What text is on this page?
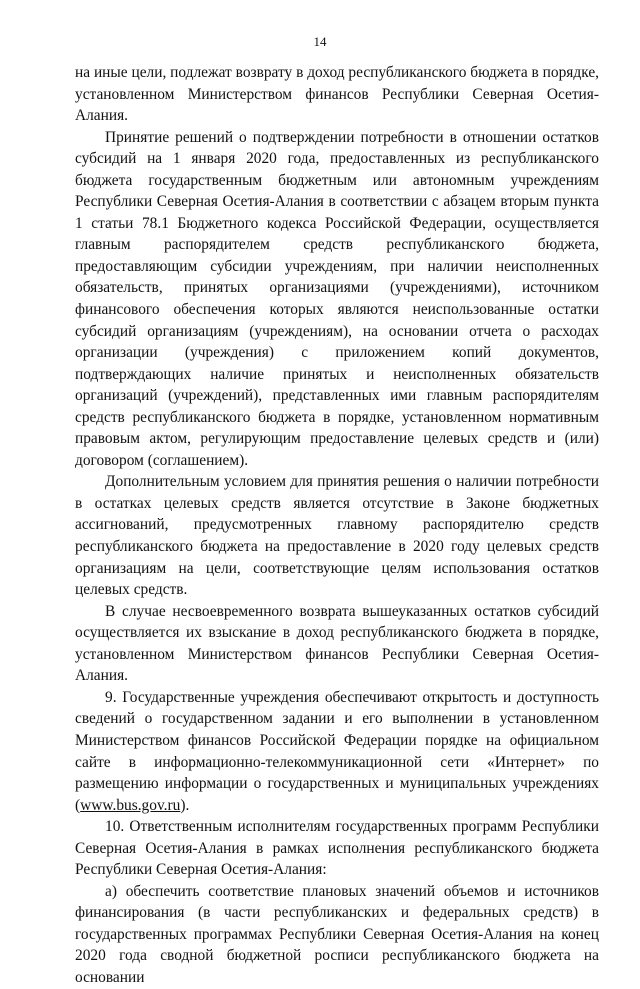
14

на иные цели, подлежат возврату в доход республиканского бюджета в порядке, установленном Министерством финансов Республики Северная Осетия-Алания.

Принятие решений о подтверждении потребности в отношении остатков субсидий на 1 января 2020 года, предоставленных из республиканского бюджета государственным бюджетным или автономным учреждениям Республики Северная Осетия-Алания в соответствии с абзацем вторым пункта 1 статьи 78.1 Бюджетного кодекса Российской Федерации, осуществляется главным распорядителем средств республиканского бюджета, предоставляющим субсидии учреждениям, при наличии неисполненных обязательств, принятых организациями (учреждениями), источником финансового обеспечения которых являются неиспользованные остатки субсидий организациям (учреждениям), на основании отчета о расходах организации (учреждения) с приложением копий документов, подтверждающих наличие принятых и неисполненных обязательств организаций (учреждений), представленных ими главным распорядителям средств республиканского бюджета в порядке, установленном нормативным правовым актом, регулирующим предоставление целевых средств и (или) договором (соглашением).

Дополнительным условием для принятия решения о наличии потребности в остатках целевых средств является отсутствие в Законе бюджетных ассигнований, предусмотренных главному распорядителю средств республиканского бюджета на предоставление в 2020 году целевых средств организациям на цели, соответствующие целям использования остатков целевых средств.

В случае несвоевременного возврата вышеуказанных остатков субсидий осуществляется их взыскание в доход республиканского бюджета в порядке, установленном Министерством финансов Республики Северная Осетия-Алания.

9. Государственные учреждения обеспечивают открытость и доступность сведений о государственном задании и его выполнении в установленном Министерством финансов Российской Федерации порядке на официальном сайте в информационно-телекоммуникационной сети «Интернет» по размещению информации о государственных и муниципальных учреждениях (www.bus.gov.ru).

10. Ответственным исполнителям государственных программ Республики Северная Осетия-Алания в рамках исполнения республиканского бюджета Республики Северная Осетия-Алания:

а) обеспечить соответствие плановых значений объемов и источников финансирования (в части республиканских и федеральных средств) в государственных программах Республики Северная Осетия-Алания на конец 2020 года сводной бюджетной росписи республиканского бюджета на основании
